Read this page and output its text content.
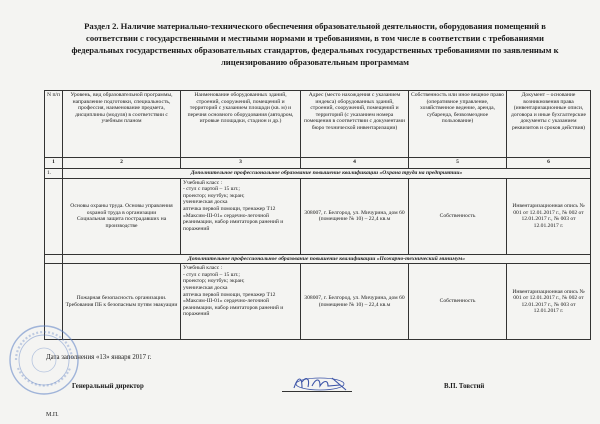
Раздел 2. Наличие материально-технического обеспечения образовательной деятельности, оборудования помещений в соответствии с государственными и местными нормами и требованиями, в том числе в соответствии с требованиями федеральных государственных образовательных стандартов, федеральных государственных требованиями по заявленным к лицензированию образовательным программам
N п/п	Уровень, вид образовательной программы, направление подготовки, специальность, профессия, наименование предмета, дисциплины (модуля) в соответствии с учебным планом	Наименование оборудованных зданий, строений, сооружений, помещений и территорий с указанием площади (кв. м) и перечня основного оборудования (автодром, игровые площадки, стадион и др.)	Адрес (место нахождения с указанием индекса) оборудованных зданий, строений, сооружений, помещений и территорий (с указанием номера помещения в соответствии с документами бюро технической инвентаризации)	Собственность или иное вещное право (оперативное управление, хозяйственное ведение, аренда, субаренда, безвозмездное пользование)	Документ – основание возникновения права (инвентаризационные описи, договора и иные бухгалтерские документы с указанием реквизитов и сроков действия)
1	2	3	4	5	6
1.	Дополнительное профессиональное образование повышение квалификации «Охрана труда на предприятии»				
	Основы охраны труда. Основы управления охраной труда в организации
Социальная защита пострадавших на производстве	Учебный класс :
- стул с партой – 15 шт.;
проектор; ноутбук; экран;
ученическая доска
аптечка первой помощи, тренажер Т12 «Максим-III-01» сердечно-легочной реанимации, набор имитаторов ранений и поражений	308007, г. Белгород, ул. Мичурина, дом 60 (помещение № 10) – 22,4 кв.м	Собственность	Инвентаризационная опись № 001 от 12.01.2017 г., № 002 от 12.01.2017 г., № 003 от 12.01.2017 г.
	Дополнительное профессиональное образование повышение квалификации «Пожарно-технический минимум»				
	Пожарная безопасность организации.
Требования ПБ к безопасным путям эвакуации	Учебный класс :
- стул с партой – 15 шт.;
проектор; ноутбук; экран;
ученическая доска
аптечка первой помощи, тренажер Т12 «Максим-III-01» сердечно-легочной реанимации, набор имитаторов ранений и поражений	308007, г. Белгород, ул. Мичурина, дом 60 (помещение № 10) – 22,4 кв.м	Собственность	Инвентаризационная опись № 001 от 12.01.2017 г., № 002 от 12.01.2017 г., № 003 от 12.01.2017 г.
Дата заполнения «13» января 2017 г.
Генеральный директор	В.П. Товстий
М.П.
